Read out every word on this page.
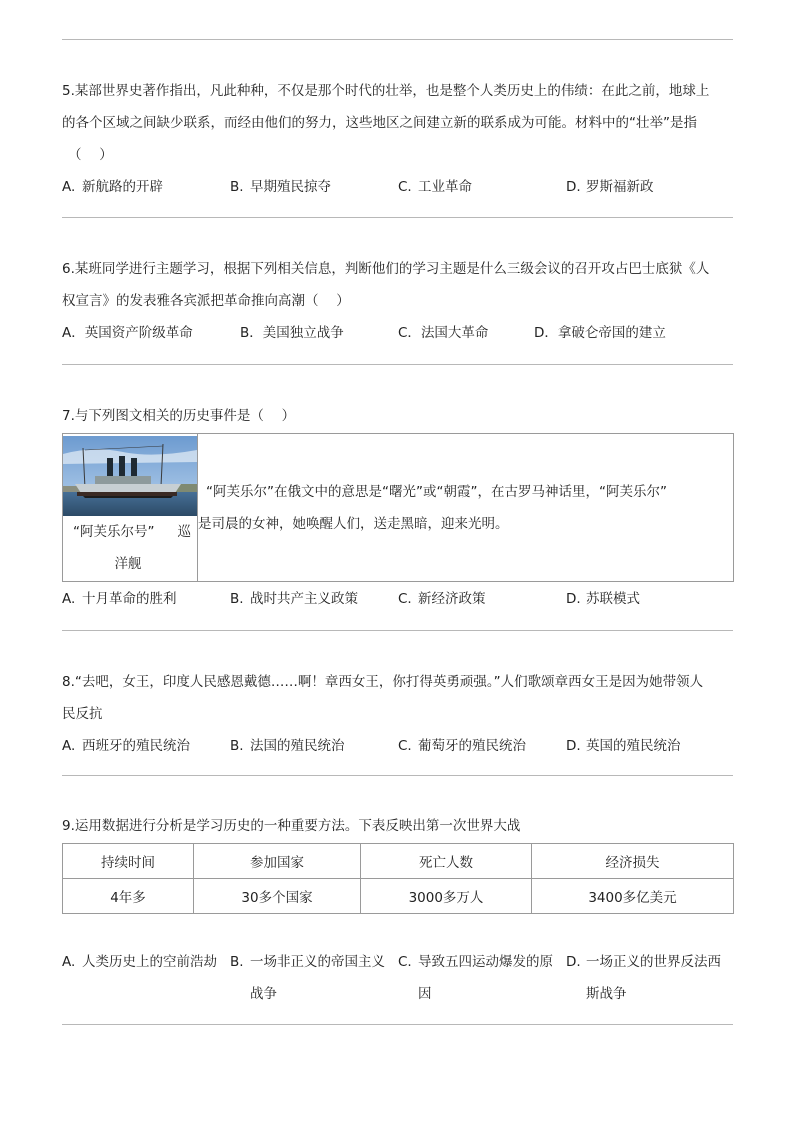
5.某部世界史著作指出，凡此种种，不仅是那个时代的壮举，也是整个人类历史上的伟绩：在此之前，地球上
的各个区域之间缺少联系，而经由他们的努力，这些地区之间建立新的联系成为可能。材料中的“壮举”是指
（　 ）
A. 新航路的开辟	B. 早期殖民掠夺	C. 工业革命	D. 罗斯福新政
6.某班同学进行主题学习，根据下列相关信息，判断他们的学习主题是什么三级会议的召开攻占巴士底狱《人
权宣言》的发表雅各宾派把革命推向高潮（　 ）
A．英国资产阶级革命	B．美国独立战争	C．法国大革命	D．拿破仑帝国的建立
7.与下列图文相关的历史事件是（　 ）
“阿芙乐尔号” 巡
洋舰

“阿芙乐尔”在俄文中的意思是“曙光”或“朝霞”，在古罗马神话里，“阿芙乐尔”
是司晨的女神，她唤醒人们，送走黑暗，迎来光明。
A. 十月革命的胜利	B. 战时共产主义政策	C. 新经济政策	D. 苏联模式
8.“去吧，女王，印度人民感恩戴德……啊！章西女王，你打得英勇顽强。”人们歌颂章西女王是因为她带领人
民反抗
A. 西班牙的殖民统治	B. 法国的殖民统治	C. 葡萄牙的殖民统治	D. 英国的殖民统治
9.运用数据进行分析是学习历史的一种重要方法。下表反映出第一次世界大战
持续时间	参加国家	死亡人数	经济损失
4年多	30多个国家	3000多万人	3400多亿美元
A. 人类历史上的空前浩劫 B. 一场非正义的帝国主义战争
C. 导致五四运动爆发的原因
D. 一场正义的世界反法西斯战争
